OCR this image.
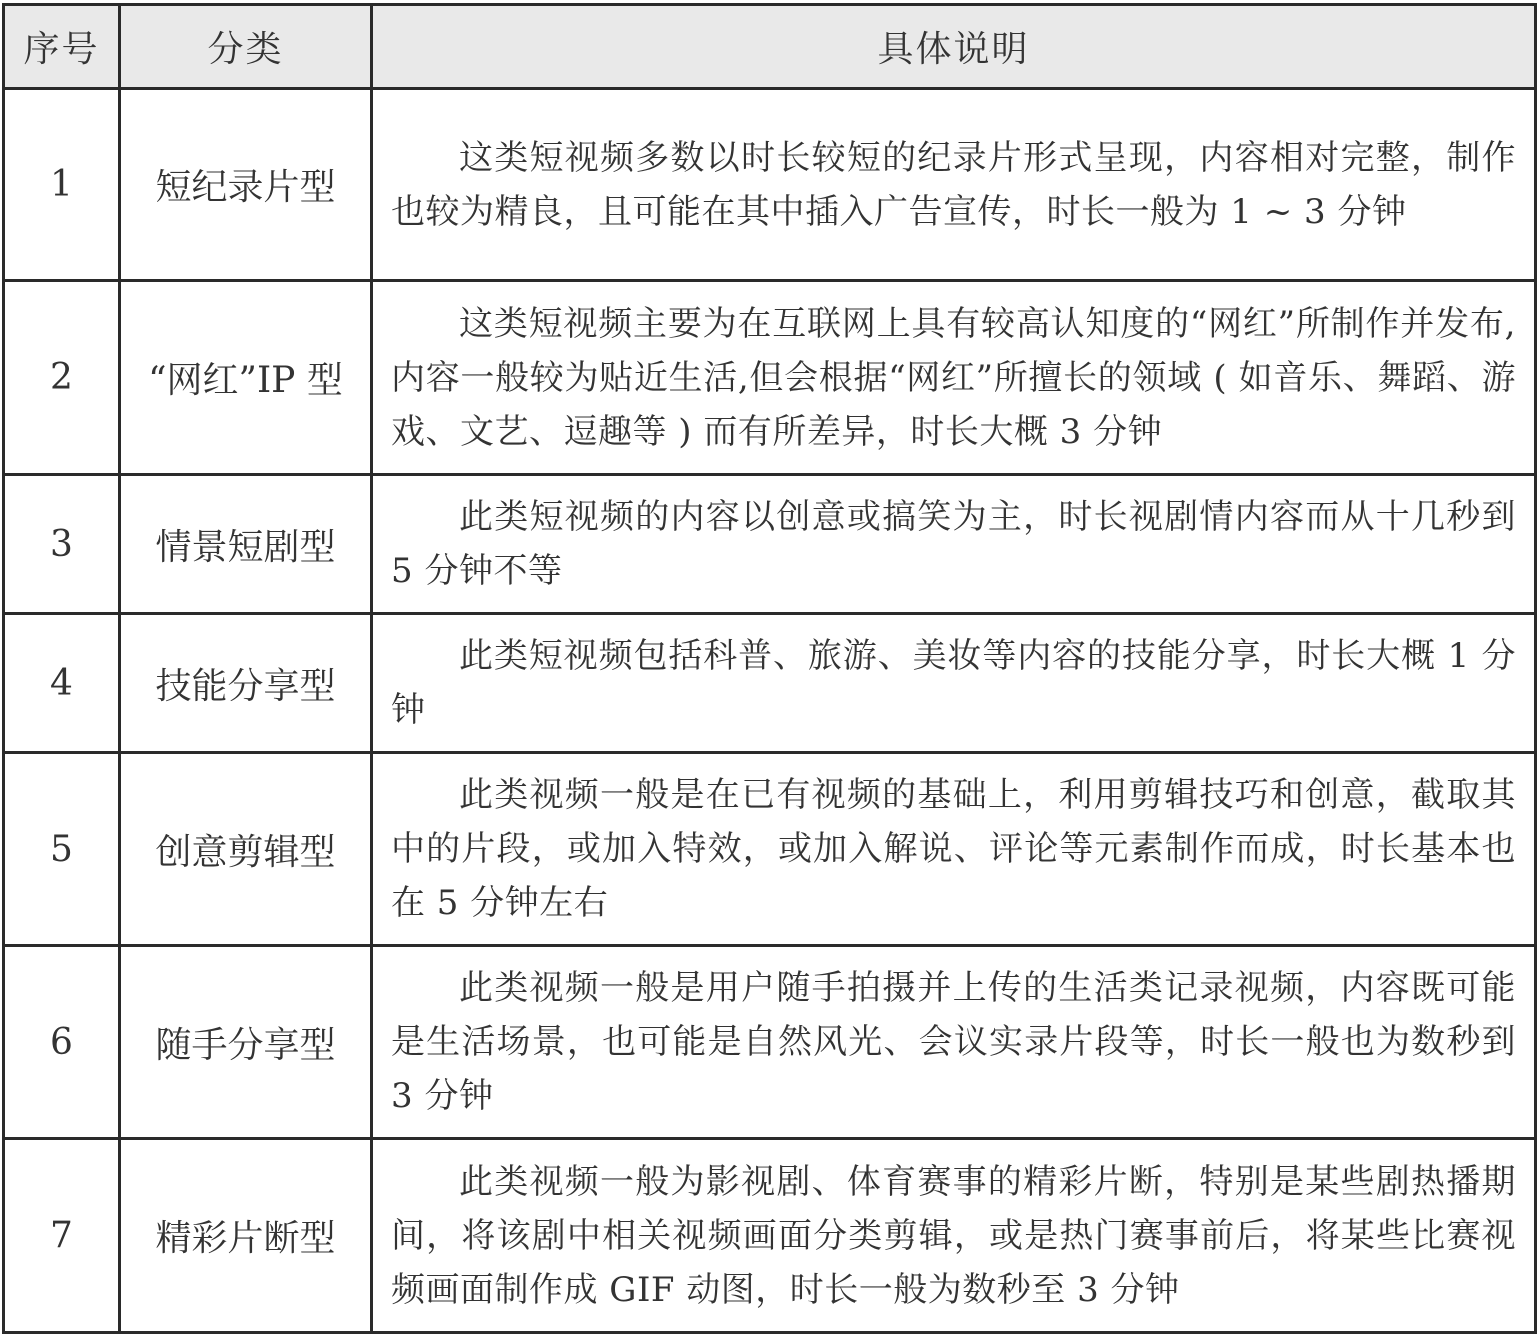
序号	分类	具体说明
1	短纪录片型	这类短视频多数以时长较短的纪录片形式呈现，内容相对完整，制作也较为精良，且可能在其中插入广告宣传，时长一般为 1 ~ 3 分钟
2	“网红”IP 型	这类短视频主要为在互联网上具有较高认知度的“网红”所制作并发布,内容一般较为贴近生活,但会根据“网红”所擅长的领域 ( 如音乐、舞蹈、游戏、文艺、逗趣等 ) 而有所差异，时长大概 3 分钟
3	情景短剧型	此类短视频的内容以创意或搞笑为主，时长视剧情内容而从十几秒到 5 分钟不等
4	技能分享型	此类短视频包括科普、旅游、美妆等内容的技能分享，时长大概 1 分钟
5	创意剪辑型	此类视频一般是在已有视频的基础上，利用剪辑技巧和创意，截取其中的片段，或加入特效，或加入解说、评论等元素制作而成，时长基本也在 5 分钟左右
6	随手分享型	此类视频一般是用户随手拍摄并上传的生活类记录视频，内容既可能是生活场景，也可能是自然风光、会议实录片段等，时长一般也为数秒到 3 分钟
7	精彩片断型	此类视频一般为影视剧、体育赛事的精彩片断，特别是某些剧热播期间，将该剧中相关视频画面分类剪辑，或是热门赛事前后，将某些比赛视频画面制作成 GIF 动图，时长一般为数秒至 3 分钟
